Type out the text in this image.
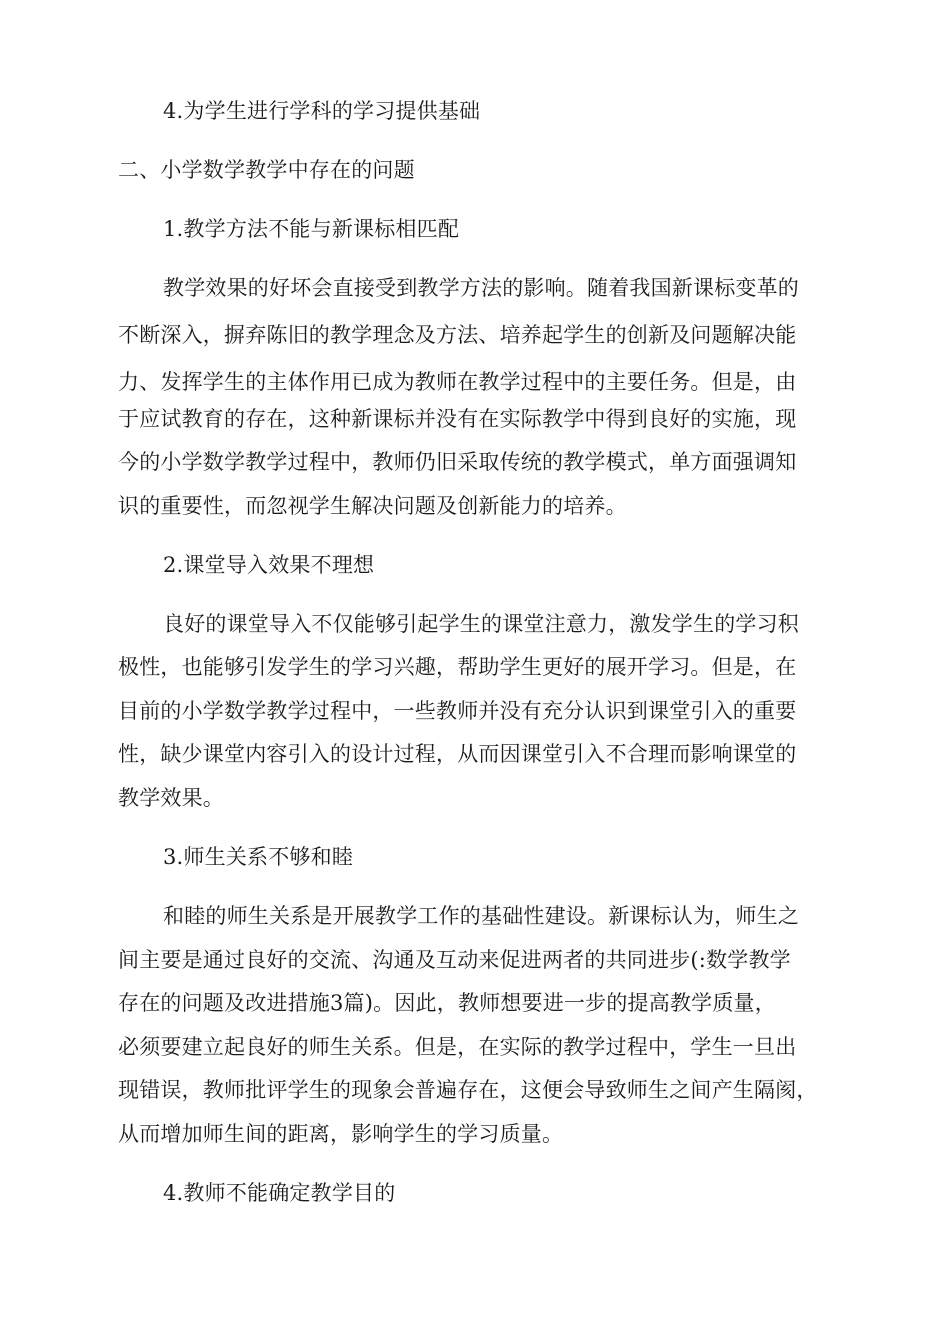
4.为学生进行学科的学习提供基础
二、小学数学教学中存在的问题
1.教学方法不能与新课标相匹配
教学效果的好坏会直接受到教学方法的影响。随着我国新课标变革的
不断深入，摒弃陈旧的教学理念及方法、培养起学生的创新及问题解决能
力、发挥学生的主体作用已成为教师在教学过程中的主要任务。但是，由
于应试教育的存在，这种新课标并没有在实际教学中得到良好的实施，现
今的小学数学教学过程中，教师仍旧采取传统的教学模式，单方面强调知
识的重要性，而忽视学生解决问题及创新能力的培养。
2.课堂导入效果不理想
良好的课堂导入不仅能够引起学生的课堂注意力，激发学生的学习积
极性，也能够引发学生的学习兴趣，帮助学生更好的展开学习。但是，在
目前的小学数学教学过程中，一些教师并没有充分认识到课堂引入的重要
性，缺少课堂内容引入的设计过程，从而因课堂引入不合理而影响课堂的
教学效果。
3.师生关系不够和睦
和睦的师生关系是开展教学工作的基础性建设。新课标认为，师生之
间主要是通过良好的交流、沟通及互动来促进两者的共同进步(:数学教学
存在的问题及改进措施3篇)。因此，教师想要进一步的提高教学质量，
必须要建立起良好的师生关系。但是，在实际的教学过程中，学生一旦出
现错误，教师批评学生的现象会普遍存在，这便会导致师生之间产生隔阂，
从而增加师生间的距离，影响学生的学习质量。
4.教师不能确定教学目的
